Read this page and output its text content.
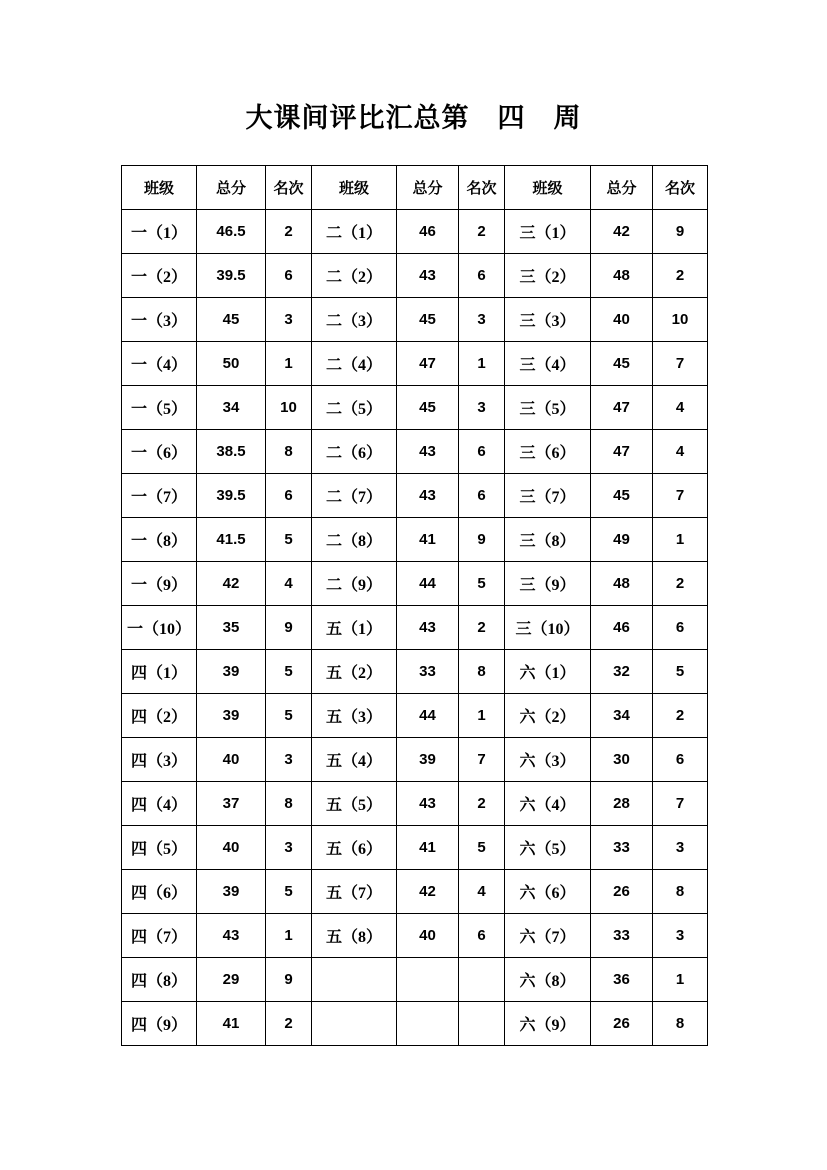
大课间评比汇总第　四　周
班级	总分	名次	班级	总分	名次	班级	总分	名次
一（1）	46.5	2	二（1）	46	2	三（1）	42	9
一（2）	39.5	6	二（2）	43	6	三（2）	48	2
一（3）	45	3	二（3）	45	3	三（3）	40	10
一（4）	50	1	二（4）	47	1	三（4）	45	7
一（5）	34	10	二（5）	45	3	三（5）	47	4
一（6）	38.5	8	二（6）	43	6	三（6）	47	4
一（7）	39.5	6	二（7）	43	6	三（7）	45	7
一（8）	41.5	5	二（8）	41	9	三（8）	49	1
一（9）	42	4	二（9）	44	5	三（9）	48	2
一（10）	35	9	五（1）	43	2	三（10）	46	6
四（1）	39	5	五（2）	33	8	六（1）	32	5
四（2）	39	5	五（3）	44	1	六（2）	34	2
四（3）	40	3	五（4）	39	7	六（3）	30	6
四（4）	37	8	五（5）	43	2	六（4）	28	7
四（5）	40	3	五（6）	41	5	六（5）	33	3
四（6）	39	5	五（7）	42	4	六（6）	26	8
四（7）	43	1	五（8）	40	6	六（7）	33	3
四（8）	29	9				六（8）	36	1
四（9）	41	2				六（9）	26	8
